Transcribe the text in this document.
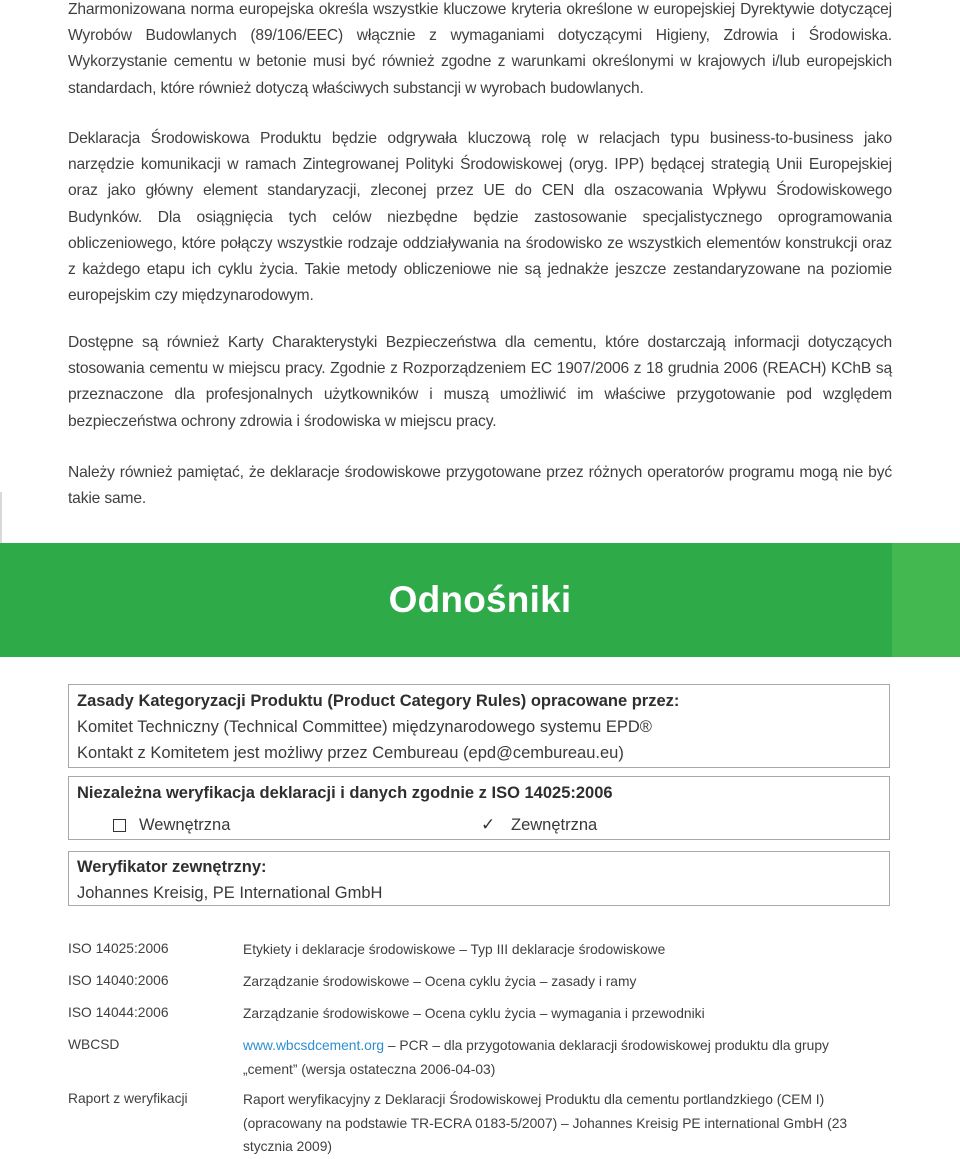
Zharmonizowana norma europejska określa wszystkie kluczowe kryteria określone w europejskiej Dyrektywie dotyczącej Wyrobów Budowlanych (89/106/EEC) włącznie z wymaganiami dotyczącymi Higieny, Zdrowia i Środowiska. Wykorzystanie cementu w betonie musi być również zgodne z warunkami określonymi w krajowych i/lub europejskich standardach, które również dotyczą właściwych substancji w wyrobach budowlanych.

Deklaracja Środowiskowa Produktu będzie odgrywała kluczową rolę w relacjach typu business-to-business jako narzędzie komunikacji w ramach Zintegrowanej Polityki Środowiskowej (oryg. IPP) będącej strategią Unii Europejskiej oraz jako główny element standaryzacji, zleconej przez UE do CEN dla oszacowania Wpływu Środowiskowego Budynków. Dla osiągnięcia tych celów niezbędne będzie zastosowanie specjalistycznego oprogramowania obliczeniowego, które połączy wszystkie rodzaje oddziaływania na środowisko ze wszystkich elementów konstrukcji oraz z każdego etapu ich cyklu życia. Takie metody obliczeniowe nie są jednakże jeszcze zestandaryzowane na poziomie europejskim czy międzynarodowym.

Dostępne są również Karty Charakterystyki Bezpieczeństwa dla cementu, które dostarczają informacji dotyczących stosowania cementu w miejscu pracy. Zgodnie z Rozporządzeniem EC 1907/2006 z 18 grudnia 2006 (REACH) KChB są przeznaczone dla profesjonalnych użytkowników i muszą umożliwić im właściwe przygotowanie pod względem bezpieczeństwa ochrony zdrowia i środowiska w miejscu pracy.

Należy również pamiętać, że deklaracje środowiskowe przygotowane przez różnych operatorów programu mogą nie być takie same.

Odnośniki
Zasady Kategoryzacji Produktu (Product Category Rules) opracowane przez:
Komitet Techniczny (Technical Committee) międzynarodowego systemu EPD®
Kontakt z Komitetem jest możliwy przez Cembureau (epd@cembureau.eu)
Niezależna weryfikacja deklaracji i danych zgodnie z ISO 14025:2006
Wewnętrzna	✓ Zewnętrzna
Weryfikator zewnętrzny:
Johannes Kreisig, PE International GmbH
ISO 14025:2006	Etykiety i deklaracje środowiskowe – Typ III deklaracje środowiskowe
ISO 14040:2006	Zarządzanie środowiskowe – Ocena cyklu życia – zasady i ramy
ISO 14044:2006	Zarządzanie środowiskowe – Ocena cyklu życia – wymagania i przewodniki
WBCSD	www.wbcsdcement.org – PCR – dla przygotowania deklaracji środowiskowej produktu dla grupy „cement” (wersja ostateczna 2006-04-03)
Raport z weryfikacji	Raport weryfikacyjny z Deklaracji Środowiskowej Produktu dla cementu portlandzkiego (CEM I) (opracowany na podstawie TR-ECRA 0183-5/2007) – Johannes Kreisig PE international GmbH (23 stycznia 2009)
